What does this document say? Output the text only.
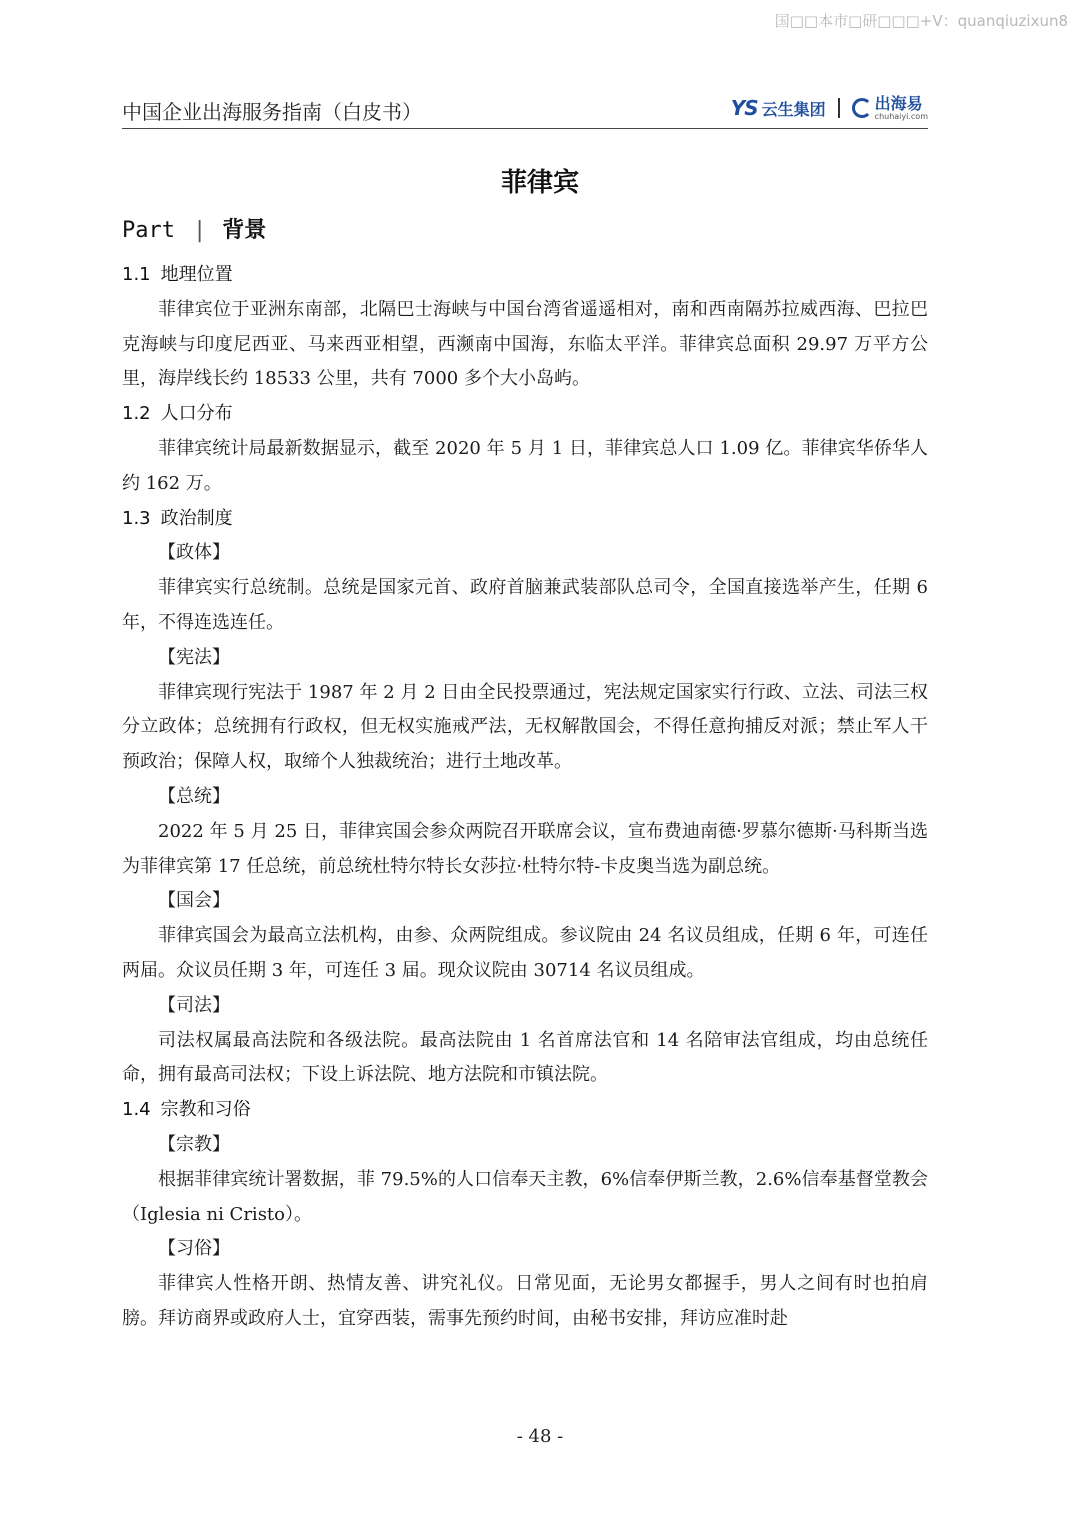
国□□本市□研□□□+V：quanqiuzixun8
中国企业出海服务指南（白皮书）	YS 云生集团	出海易
chuhaiyi.com
菲律宾
Part | 背景
1.1 地理位置
菲律宾位于亚洲东南部，北隔巴士海峡与中国台湾省遥遥相对，南和西南隔苏拉威西海、巴拉巴克海峡与印度尼西亚、马来西亚相望，西濒南中国海，东临太平洋。菲律宾总面积 29.97 万平方公里，海岸线长约 18533 公里，共有 7000 多个大小岛屿。
1.2 人口分布
菲律宾统计局最新数据显示，截至 2020 年 5 月 1 日，菲律宾总人口 1.09 亿。菲律宾华侨华人约 162 万。
1.3 政治制度
【政体】
菲律宾实行总统制。总统是国家元首、政府首脑兼武装部队总司令，全国直接选举产生，任期 6 年，不得连选连任。
【宪法】
菲律宾现行宪法于 1987 年 2 月 2 日由全民投票通过，宪法规定国家实行行政、立法、司法三权分立政体；总统拥有行政权，但无权实施戒严法，无权解散国会，不得任意拘捕反对派；禁止军人干预政治；保障人权，取缔个人独裁统治；进行土地改革。
【总统】
2022 年 5 月 25 日，菲律宾国会参众两院召开联席会议，宣布费迪南德·罗慕尔德斯·马科斯当选为菲律宾第 17 任总统，前总统杜特尔特长女莎拉·杜特尔特-卡皮奥当选为副总统。
【国会】
菲律宾国会为最高立法机构，由参、众两院组成。参议院由 24 名议员组成，任期 6 年，可连任两届。众议员任期 3 年，可连任 3 届。现众议院由 30714 名议员组成。
【司法】
司法权属最高法院和各级法院。最高法院由 1 名首席法官和 14 名陪审法官组成，均由总统任命，拥有最高司法权；下设上诉法院、地方法院和市镇法院。
1.4 宗教和习俗
【宗教】
根据菲律宾统计署数据，菲 79.5%的人口信奉天主教，6%信奉伊斯兰教，2.6%信奉基督堂教会（Iglesia ni Cristo）。
【习俗】
菲律宾人性格开朗、热情友善、讲究礼仪。日常见面，无论男女都握手，男人之间有时也拍肩膀。拜访商界或政府人士，宜穿西装，需事先预约时间，由秘书安排，拜访应准时赴
- 48 -
